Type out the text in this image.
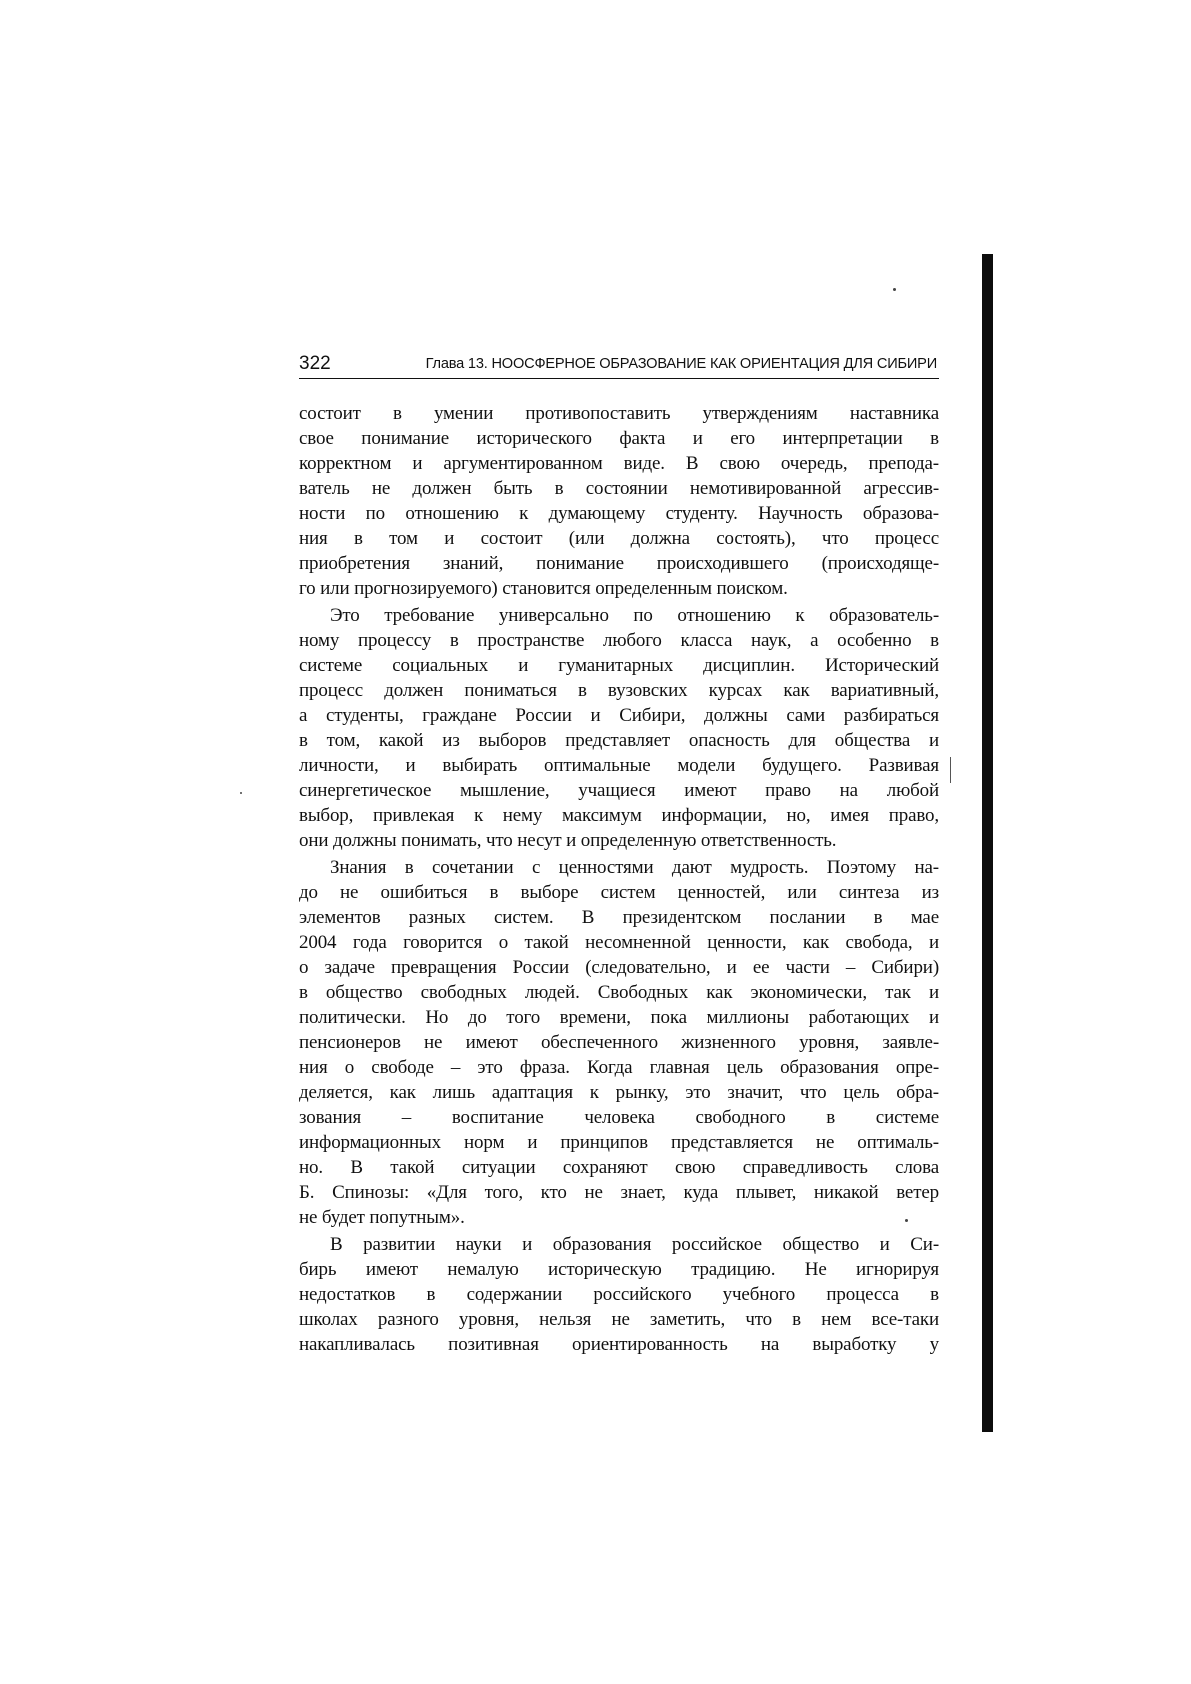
322	Глава 13. НООСФЕРНОЕ ОБРАЗОВАНИЕ КАК ОРИЕНТАЦИЯ ДЛЯ СИБИРИ
состоит в умении противопоставить утверждениям наставника
свое понимание исторического факта и его интерпретации в
корректном и аргументированном виде. В свою очередь, препода-
ватель не должен быть в состоянии немотивированной агрессив-
ности по отношению к думающему студенту. Научность образова-
ния в том и состоит (или должна состоять), что процесс
приобретения знаний, понимание происходившего (происходяще-
го или прогнозируемого) становится определенным поиском.
Это требование универсально по отношению к образователь-
ному процессу в пространстве любого класса наук, а особенно в
системе социальных и гуманитарных дисциплин. Исторический
процесс должен пониматься в вузовских курсах как вариативный,
а студенты, граждане России и Сибири, должны сами разбираться
в том, какой из выборов представляет опасность для общества и
личности, и выбирать оптимальные модели будущего. Развивая
синергетическое мышление, учащиеся имеют право на любой
выбор, привлекая к нему максимум информации, но, имея право,
они должны понимать, что несут и определенную ответственность.
Знания в сочетании с ценностями дают мудрость. Поэтому на-
до не ошибиться в выборе систем ценностей, или синтеза из
элементов разных систем. В президентском послании в мае
2004 года говорится о такой несомненной ценности, как свобода, и
о задаче превращения России (следовательно, и ее части – Сибири)
в общество свободных людей. Свободных как экономически, так и
политически. Но до того времени, пока миллионы работающих и
пенсионеров не имеют обеспеченного жизненного уровня, заявле-
ния о свободе – это фраза. Когда главная цель образования опре-
деляется, как лишь адаптация к рынку, это значит, что цель обра-
зования – воспитание человека свободного в системе
информационных норм и принципов представляется не оптималь-
но. В такой ситуации сохраняют свою справедливость слова
Б. Спинозы: «Для того, кто не знает, куда плывет, никакой ветер
не будет попутным».
В развитии науки и образования российское общество и Си-
бирь имеют немалую историческую традицию. Не игнорируя
недостатков в содержании российского учебного процесса в
школах разного уровня, нельзя не заметить, что в нем все-таки
накапливалась позитивная ориентированность на выработку у
